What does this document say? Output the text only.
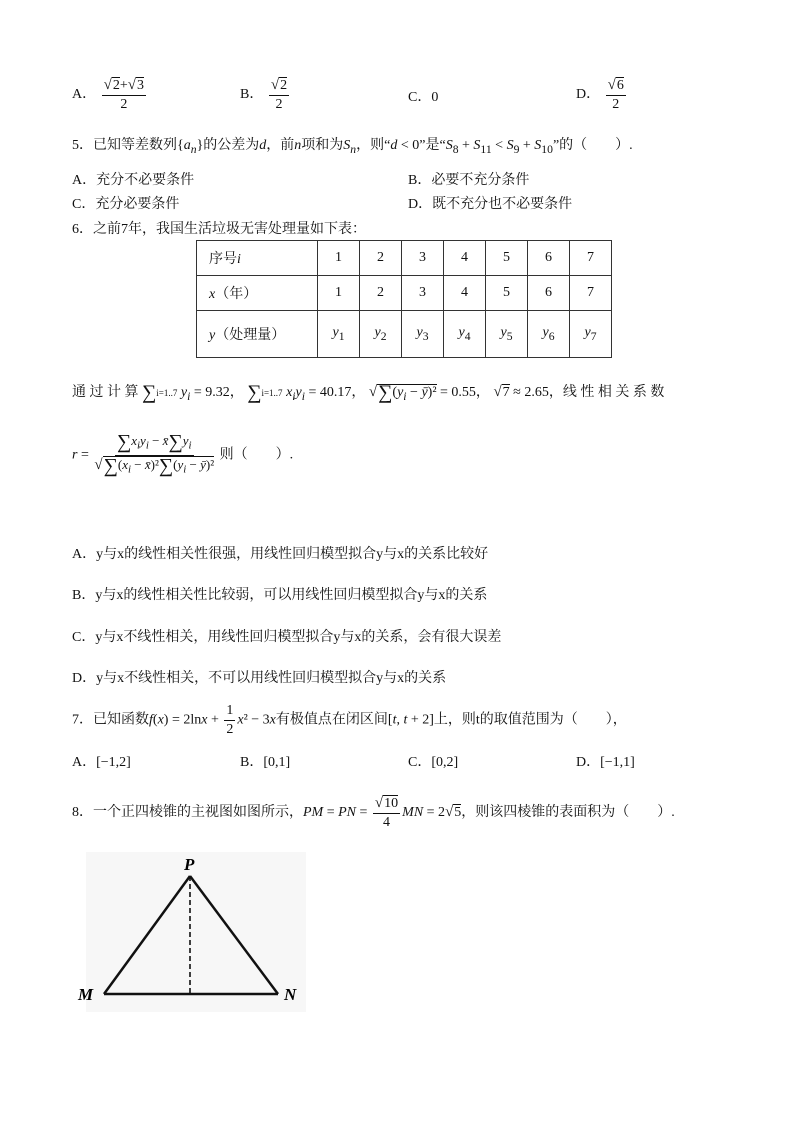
A． $\frac{√2+√3}{2}$	B． $\frac{√2}{2}$	C．0	D． $\frac{√6}{2}$
5．已知等差数列$\{a_n\}$的公差为d，前n项和为$S_n$，则“d < 0”是“$S_8 + S_{11} < S_9 + S_{10}$”的（　　）.
A．充分不必要条件	B．必要不充分条件
C．充分必要条件	D．既不充分也不必要条件
6．之前7年，我国生活垃圾无害处理量如下表：
序号i	1	2	3	4	5	6	7
x（年）	1	2	3	4	5	6	7
y（处理量）	$y_1$	$y_2$	$y_3$	$y_4$	$y_5$	$y_6$	$y_7$
通 过 计 算 ∑i=1..7 $y_i = 9.32$， ∑i=1..7 $x_iy_i = 40.17$， $√\sum(y_i$ − ȳ)² = 0.55， √7 ≈ 2.65，线 性 相 关 系 数
$r = \frac{\sum x_iy_i - x̄\sum y_i}{√\sum(x_i - x̄)^2\sum(y_i - ȳ)^2}$ 则（　　）.
A．y与x的线性相关性很强，用线性回归模型拟合y与x的关系比较好
B．y与x的线性相关性比较弱，可以用线性回归模型拟合y与x的关系
C．y与x不线性相关，用线性回归模型拟合y与x的关系，会有很大误差
D．y与x不线性相关，不可以用线性回归模型拟合y与x的关系
7．已知函数$f(x) = 2\ln x + \frac{1}{2} x^2 - 3x$有极值点在闭区间[t, t + 2]上，则t的取值范围为（　　），
A．[−1,2]	B．[0,1]	C．[0,2]	D．[−1,1]
8．一个正四棱锥的主视图如图所示，PM = PN = $\frac{√10}{4}$ MN = 2√5，则该四棱锥的表面积为（　　）.
P
M	N
